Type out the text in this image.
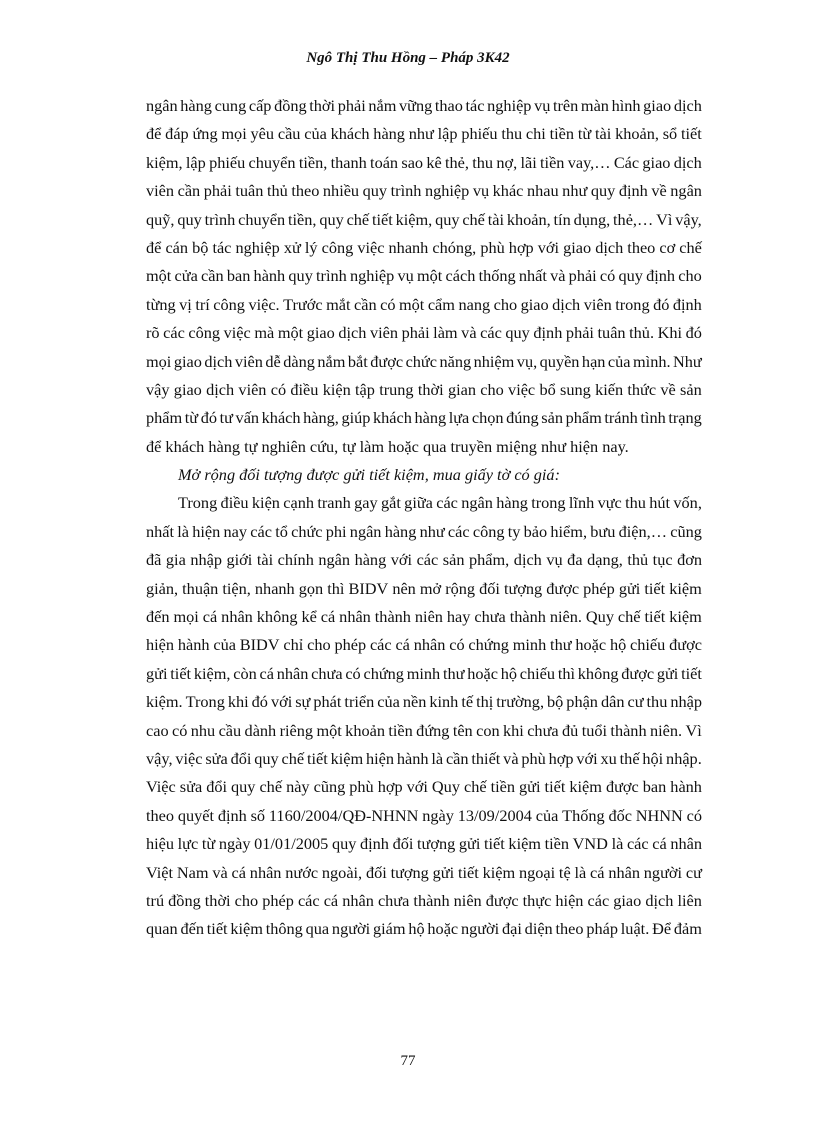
Ngô Thị Thu Hồng – Pháp 3K42
ngân hàng cung cấp đồng thời phải nắm vững thao tác nghiệp vụ trên màn hình giao dịch
để đáp ứng mọi yêu cầu của khách hàng như lập phiếu thu chi tiền từ tài khoản, sổ tiết
kiệm, lập phiếu chuyển tiền, thanh toán sao kê thẻ, thu nợ, lãi tiền vay,… Các giao dịch
viên cần phải tuân thủ theo nhiều quy trình nghiệp vụ khác nhau như quy định về ngân
quỹ, quy trình chuyển tiền, quy chế tiết kiệm, quy chế tài khoản, tín dụng, thẻ,… Vì vậy,
để cán bộ tác nghiệp xử lý công việc nhanh chóng, phù hợp với giao dịch theo cơ chế
một cửa cần ban hành quy trình nghiệp vụ một cách thống nhất và phải có quy định cho
từng vị trí công việc. Trước mắt cần có một cẩm nang cho giao dịch viên trong đó định
rõ các công việc mà một giao dịch viên phải làm và các quy định phải tuân thủ. Khi đó
mọi giao dịch viên dễ dàng nắm bắt được chức năng nhiệm vụ, quyền hạn của mình. Như
vậy giao dịch viên có điều kiện tập trung thời gian cho việc bổ sung kiến thức về sản
phẩm từ đó tư vấn khách hàng, giúp khách hàng lựa chọn đúng sản phẩm tránh tình trạng
để khách hàng tự nghiên cứu, tự làm hoặc qua truyền miệng như hiện nay.
Mở rộng đối tượng được gửi tiết kiệm, mua giấy tờ có giá:
Trong điều kiện cạnh tranh gay gắt giữa các ngân hàng trong lĩnh vực thu hút vốn,
nhất là hiện nay các tổ chức phi ngân hàng như các công ty bảo hiểm, bưu điện,… cũng
đã gia nhập giới tài chính ngân hàng với các sản phẩm, dịch vụ đa dạng, thủ tục đơn
giản, thuận tiện, nhanh gọn thì BIDV nên mở rộng đối tượng được phép gửi tiết kiệm
đến mọi cá nhân không kể cá nhân thành niên hay chưa thành niên. Quy chế tiết kiệm
hiện hành của BIDV chỉ cho phép các cá nhân có chứng minh thư hoặc hộ chiếu được
gửi tiết kiệm, còn cá nhân chưa có chứng minh thư hoặc hộ chiếu thì không được gửi tiết
kiệm. Trong khi đó với sự phát triển của nền kinh tế thị trường, bộ phận dân cư thu nhập
cao có nhu cầu dành riêng một khoản tiền đứng tên con khi chưa đủ tuổi thành niên. Vì
vậy, việc sửa đổi quy chế tiết kiệm hiện hành là cần thiết và phù hợp với xu thế hội nhập.
Việc sửa đổi quy chế này cũng phù hợp với Quy chế tiền gửi tiết kiệm được ban hành
theo quyết định số 1160/2004/QĐ-NHNN ngày 13/09/2004 của Thống đốc NHNN có
hiệu lực từ ngày 01/01/2005 quy định đối tượng gửi tiết kiệm tiền VND là các cá nhân
Việt Nam và cá nhân nước ngoài, đối tượng gửi tiết kiệm ngoại tệ là cá nhân người cư
trú đồng thời cho phép các cá nhân chưa thành niên được thực hiện các giao dịch liên
quan đến tiết kiệm thông qua người giám hộ hoặc người đại diện theo pháp luật. Để đảm
77
